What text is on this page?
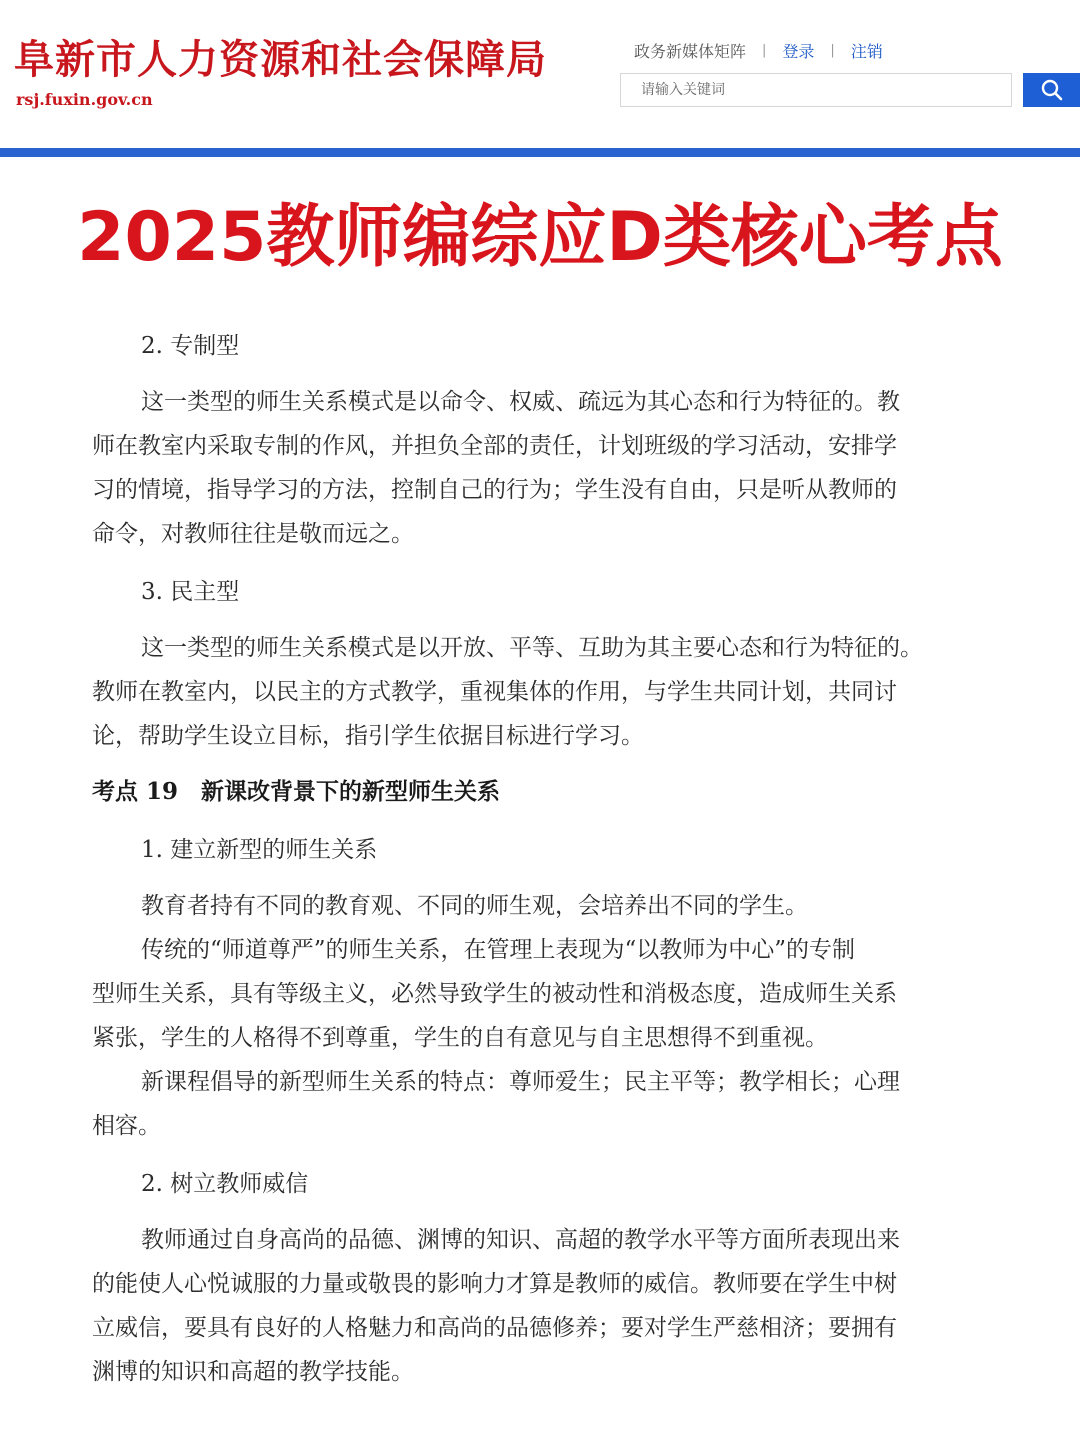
阜新市人力资源和社会保障局
rsj.fuxin.gov.cn
政务新媒体矩阵 | 登录 | 注销
请输入关键词
2025教师编综应D类核心考点
2. 专制型
这一类型的师生关系模式是以命令、权威、疏远为其心态和行为特征的。教
师在教室内采取专制的作风，并担负全部的责任，计划班级的学习活动，安排学
习的情境，指导学习的方法，控制自己的行为；学生没有自由，只是听从教师的
命令，对教师往往是敬而远之。
3. 民主型
这一类型的师生关系模式是以开放、平等、互助为其主要心态和行为特征的。
教师在教室内，以民主的方式教学，重视集体的作用，与学生共同计划，共同讨
论，帮助学生设立目标，指引学生依据目标进行学习。
考点 19　新课改背景下的新型师生关系
1. 建立新型的师生关系
教育者持有不同的教育观、不同的师生观，会培养出不同的学生。
传统的“师道尊严”的师生关系，在管理上表现为“以教师为中心”的专制
型师生关系，具有等级主义，必然导致学生的被动性和消极态度，造成师生关系
紧张，学生的人格得不到尊重，学生的自有意见与自主思想得不到重视。
新课程倡导的新型师生关系的特点：尊师爱生；民主平等；教学相长；心理
相容。
2. 树立教师威信
教师通过自身高尚的品德、渊博的知识、高超的教学水平等方面所表现出来
的能使人心悦诚服的力量或敬畏的影响力才算是教师的威信。教师要在学生中树
立威信，要具有良好的人格魅力和高尚的品德修养；要对学生严慈相济；要拥有
渊博的知识和高超的教学技能。
